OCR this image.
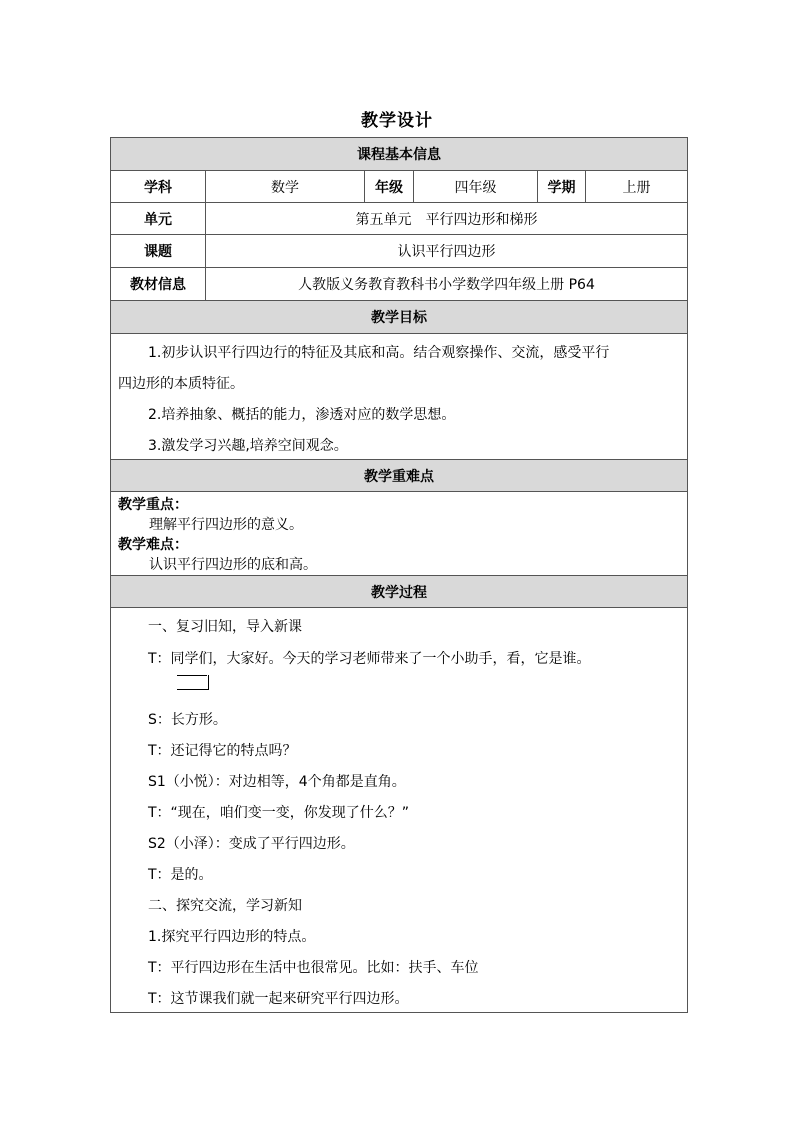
教学设计
课程基本信息
学科	数学	年级	四年级	学期	上册
单元	第五单元　平行四边形和梯形
课题	认识平行四边形
教材信息	人教版义务教育教科书小学数学四年级上册 P64
教学目标
1.初步认识平行四边行的特征及其底和高。结合观察操作、交流，感受平行
四边形的本质特征。
2.培养抽象、概括的能力，渗透对应的数学思想。
3.激发学习兴趣,培养空间观念。
教学重难点
教学重点：
理解平行四边形的意义。
教学难点：
认识平行四边形的底和高。
教学过程
一、复习旧知，导入新课
T：同学们，大家好。今天的学习老师带来了一个小助手，看，它是谁。
S：长方形。
T：还记得它的特点吗？
S1（小悦）：对边相等，4个角都是直角。
T：“现在，咱们变一变，你发现了什么？”
S2（小泽）：变成了平行四边形。
T：是的。
二、探究交流，学习新知
1.探究平行四边形的特点。
T：平行四边形在生活中也很常见。比如：扶手、车位
T：这节课我们就一起来研究平行四边形。
